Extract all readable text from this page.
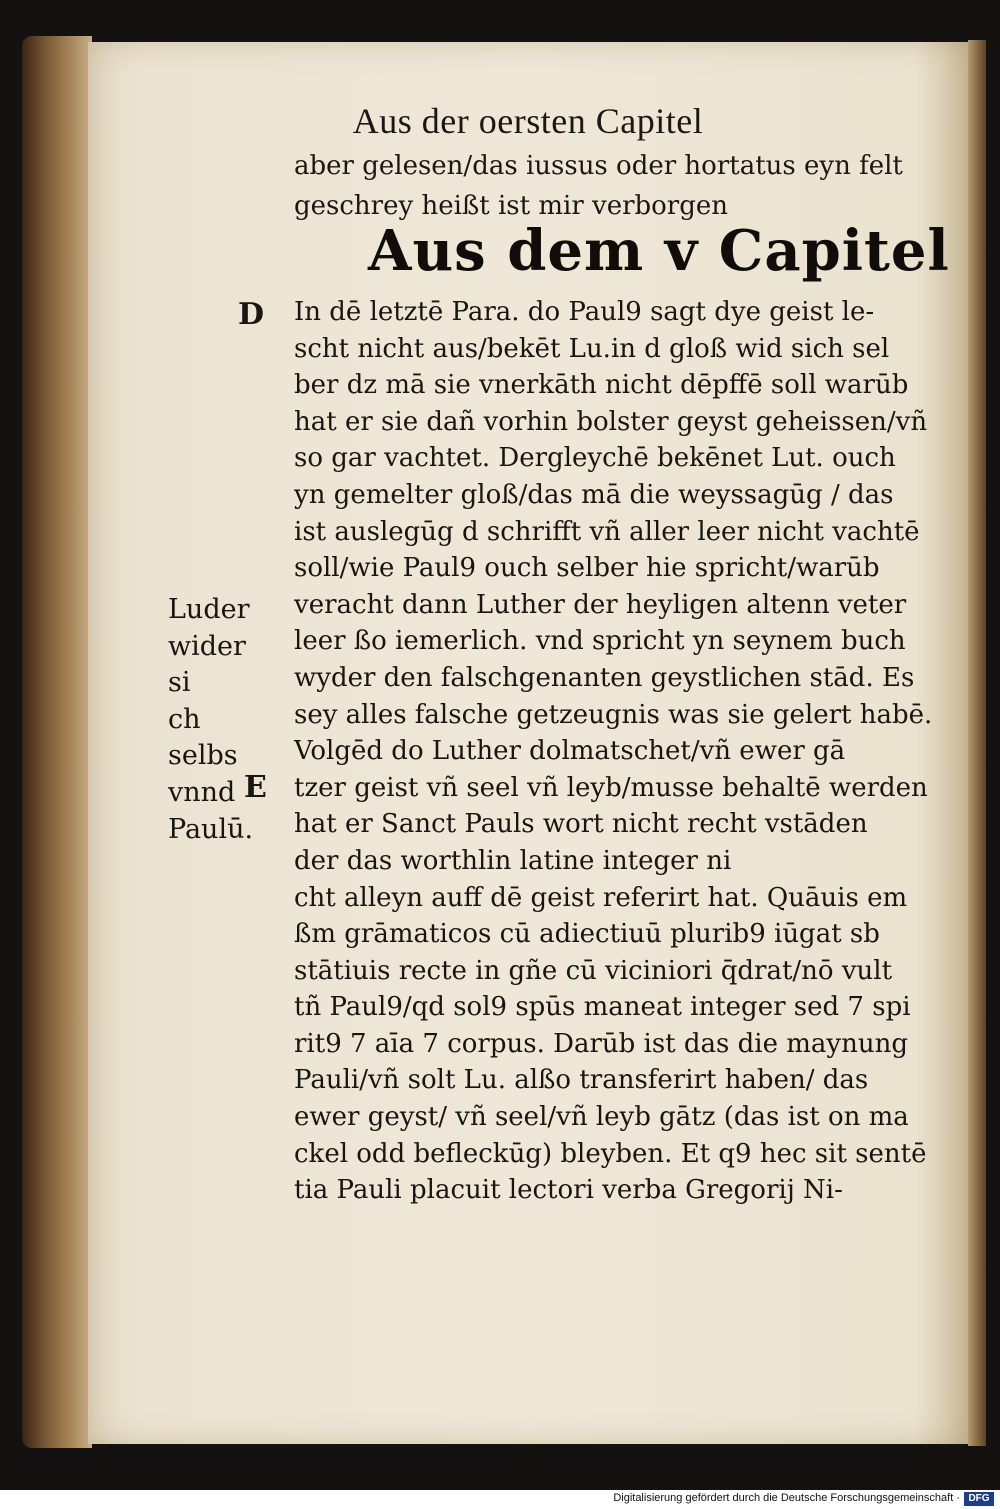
Aus der oersten Capitel
aber gelesen/das iussus oder hortatus eyn felt
geschrey heißt ist mir verborgen
Aus dem v Capitel
D
Luder
wider si
ch selbs
vnnd
Paulū.
E
In dē letztē Para. do Paul9 sagt dye geist le-
scht nicht aus/bekēt Lu.in d gloß wid sich sel
ber dz mā sie vnerkāth nicht dēpffē soll warūb
hat er sie dañ vorhin bolster geyst geheissen/vñ
so gar vachtet. Dergleychē bekēnet Lut. ouch
yn gemelter gloß/das mā die weyssagūg / das
ist auslegūg d schrifft vñ aller leer nicht vachtē
soll/wie Paul9 ouch selber hie spricht/warūb
veracht dann Luther der heyligen altenn veter
leer ßo iemerlich. vnd spricht yn seynem buch
wyder den falschgenanten geystlichen stād. Es
sey alles falsche getzeugnis was sie gelert habē.
Volgēd do Luther dolmatschet/vñ ewer gā
tzer geist vñ seel vñ leyb/musse behaltē werden
hat er Sanct Pauls wort nicht recht vstāden
der das worthlin latine integer ni
cht alleyn auff dē geist referirt hat. Quāuis em
ßm grāmaticos cū adiectiuū plurib9 iūgat sb
stātiuis recte in gñe cū viciniori q̄drat/nō vult
tñ Paul9/qd sol9 spūs maneat integer sed 7 spi
rit9 7 aīa 7 corpus. Darūb ist das die maynung
Pauli/vñ solt Lu. alßo transferirt haben/ das
ewer geyst/ vñ seel/vñ leyb gātz (das ist on ma
ckel odd befleckūg) bleyben. Et q9 hec sit sentē
tia Pauli placuit lectori verba Gregorij Ni-
Digitalisierung gefördert durch die Deutsche Forschungsgemeinschaft · DFG
